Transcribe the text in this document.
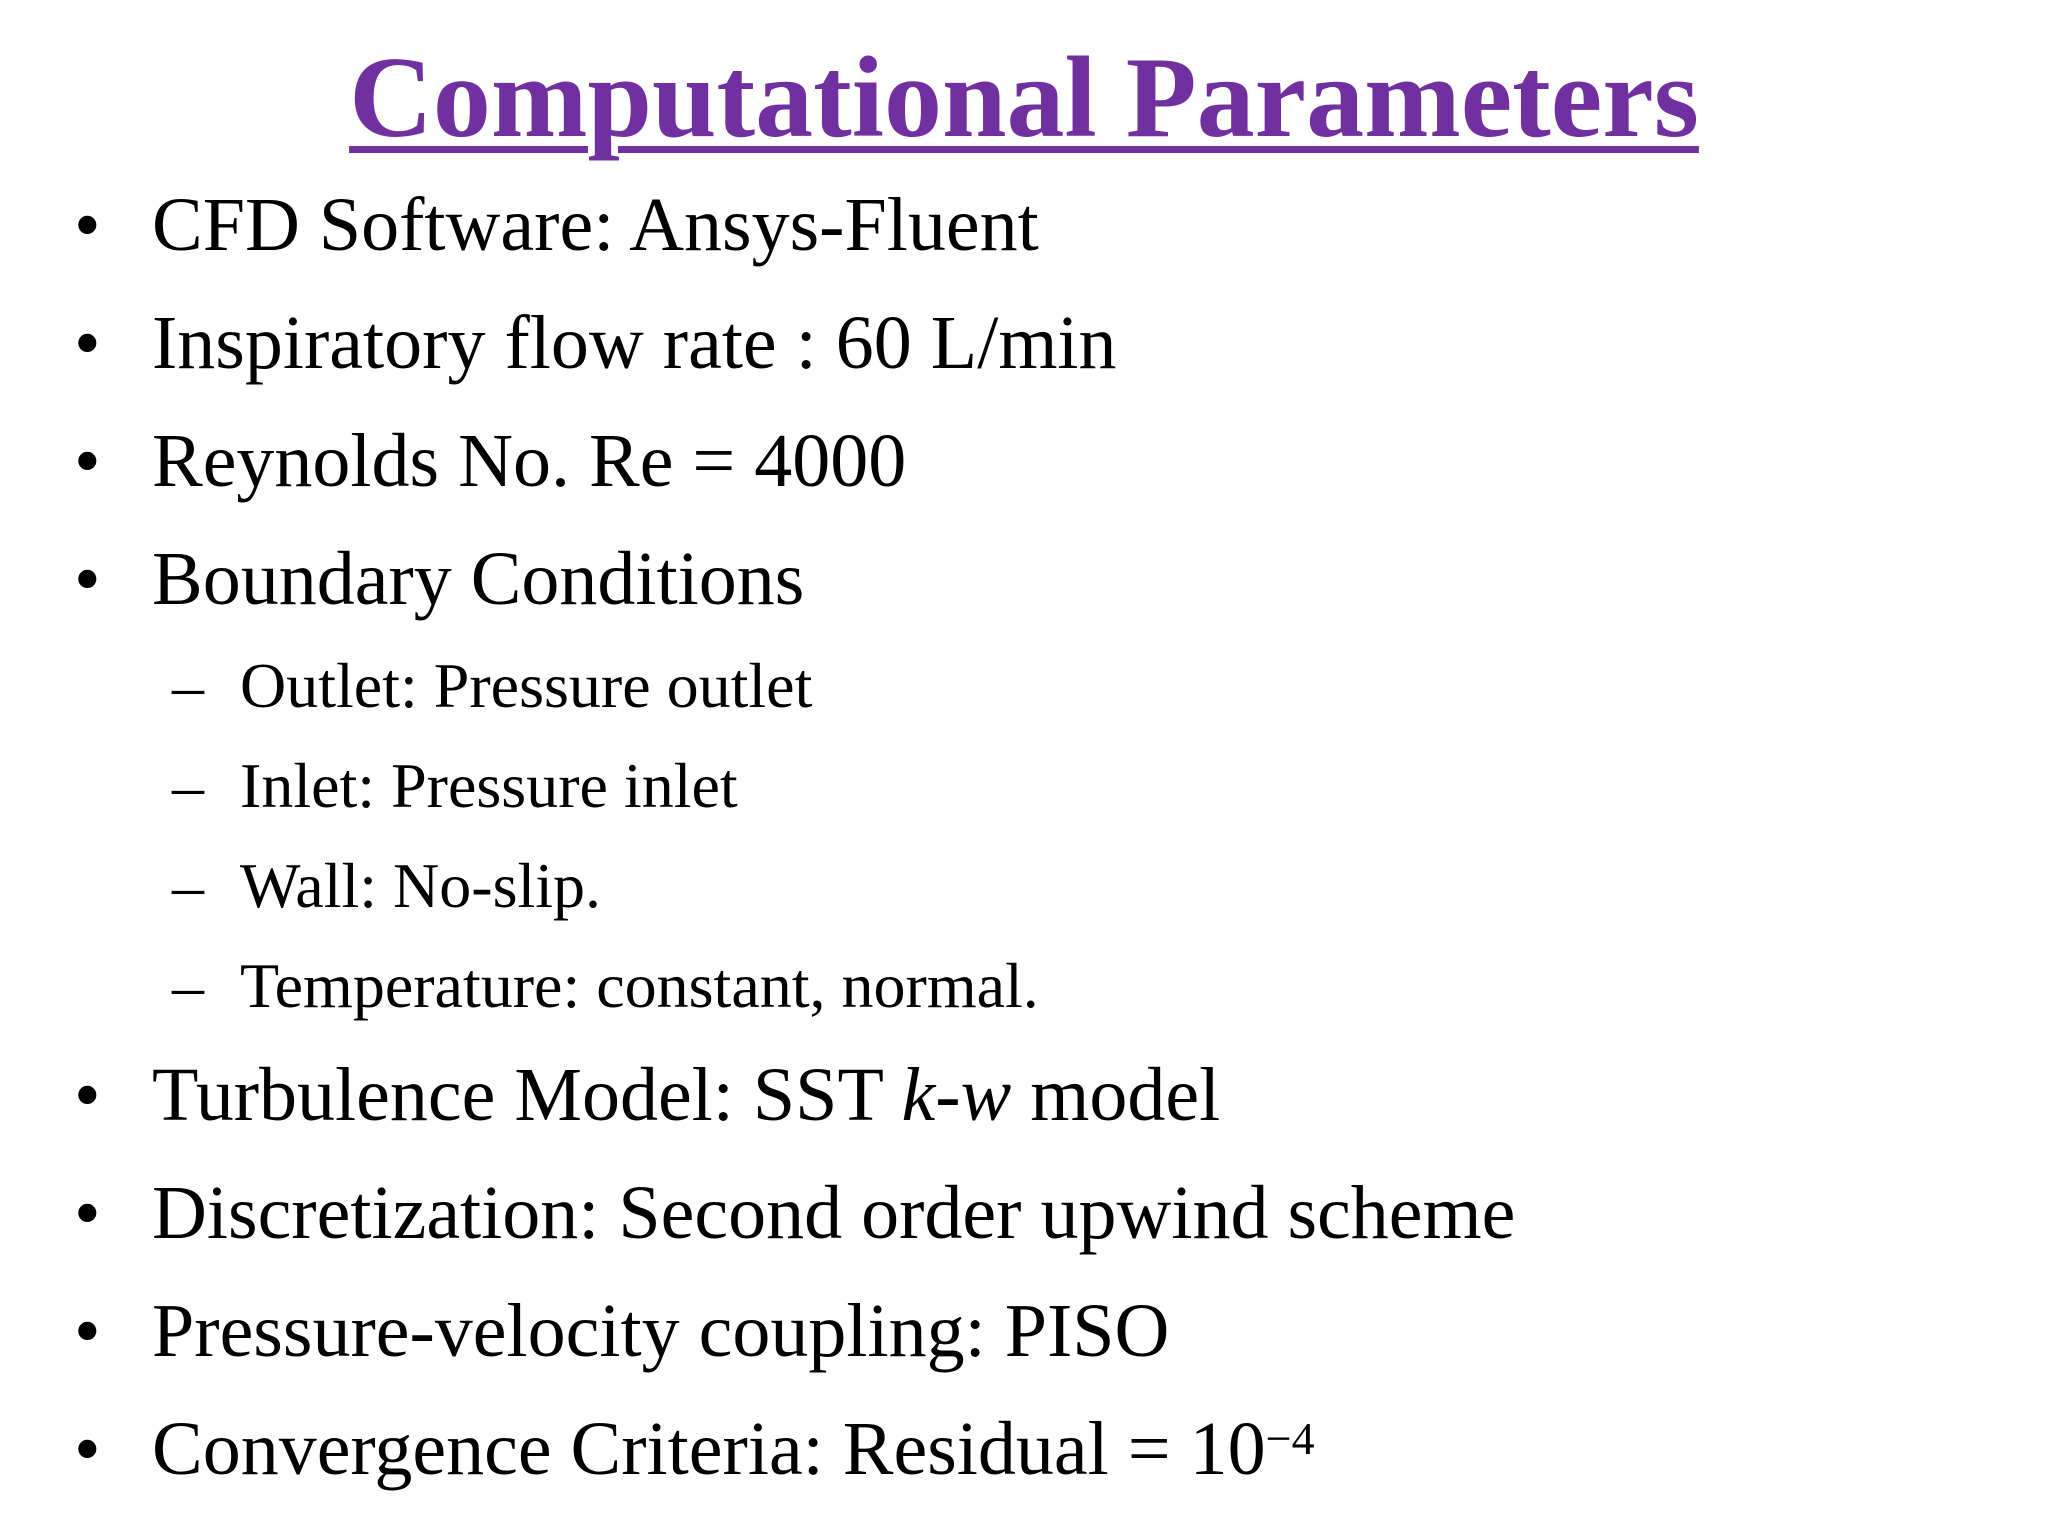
Computational Parameters
• CFD Software: Ansys-Fluent
• Inspiratory flow rate : 60 L/min
• Reynolds No. Re = 4000
• Boundary Conditions
– Outlet: Pressure outlet
– Inlet: Pressure inlet
– Wall: No-slip.
– Temperature: constant, normal.
• Turbulence Model: SST k-w model
• Discretization: Second order upwind scheme
• Pressure-velocity coupling: PISO
• Convergence Criteria: Residual = $10^{-4}$
